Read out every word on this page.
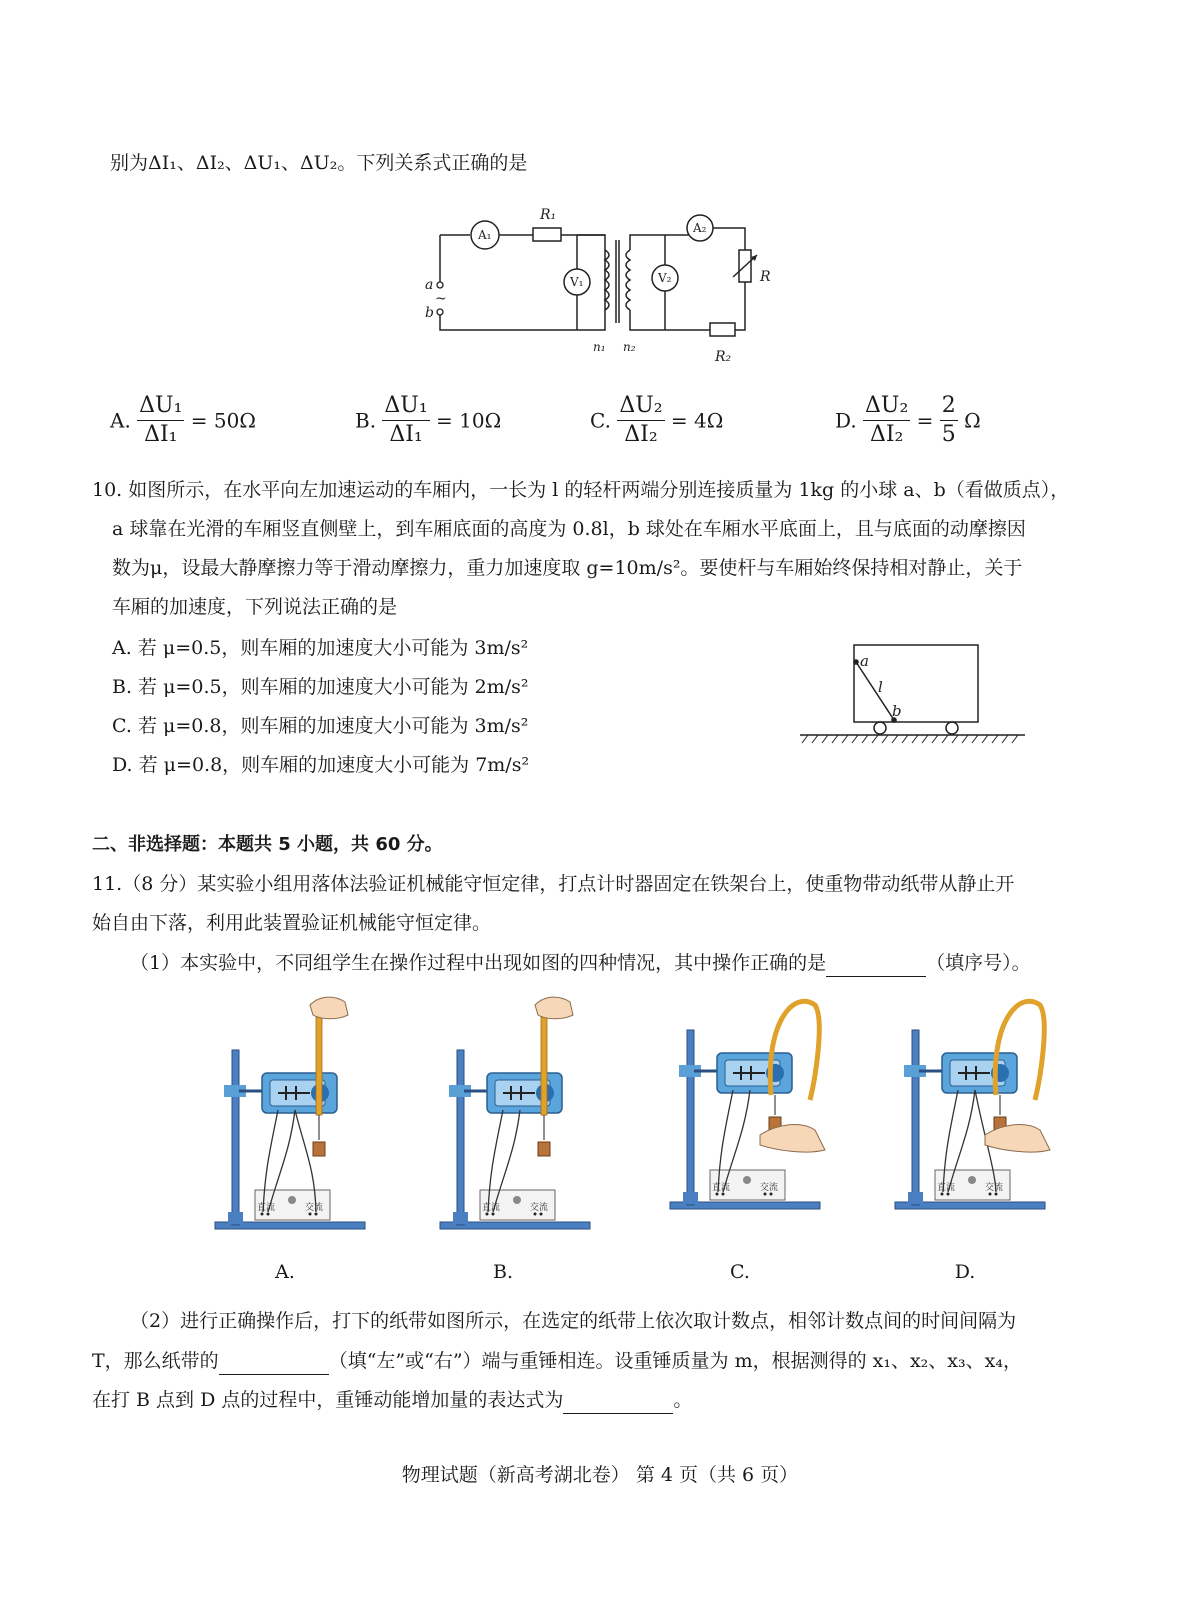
别为ΔI₁、ΔI₂、ΔU₁、ΔU₂。下列关系式正确的是
A₁
V₁	V₂
A₂
R₁
R
R₂
a
b
n₁ n₂
~
A. $\frac{\text{ΔU₁}}{\text{ΔI₁}} = 50\Omega$	B. $\frac{\text{ΔU₁}}{\text{ΔI₁}} = 10\Omega$	C. $\frac{\text{ΔU₂}}{\text{ΔI₂}} = 4\Omega$	D. $\frac{\text{ΔU₂}}{\text{ΔI₂}} = \frac{2}{5}$ Ω
10. 如图所示，在水平向左加速运动的车厢内，一长为 l 的轻杆两端分别连接质量为 1kg 的小球 a、b（看做质点），
a 球靠在光滑的车厢竖直侧壁上，到车厢底面的高度为 0.8l，b 球处在车厢水平底面上，且与底面的动摩擦因
数为μ，设最大静摩擦力等于滑动摩擦力，重力加速度取 g=10m/s²。要使杆与车厢始终保持相对静止，关于
车厢的加速度，下列说法正确的是
A. 若 μ=0.5，则车厢的加速度大小可能为 3m/s²
B. 若 μ=0.5，则车厢的加速度大小可能为 2m/s²
C. 若 μ=0.8，则车厢的加速度大小可能为 3m/s²
D. 若 μ=0.8，则车厢的加速度大小可能为 7m/s²
a
l
b
二、非选择题：本题共 5 小题，共 60 分。
11.（8 分）某实验小组用落体法验证机械能守恒定律，打点计时器固定在铁架台上，使重物带动纸带从静止开
始自由下落，利用此装置验证机械能守恒定律。
（1）本实验中，不同组学生在操作过程中出现如图的四种情况，其中操作正确的是	（填序号）。
直流	交流	直流	交流
直流	交流	直流	交流
A.	B.	C.	D.
（2）进行正确操作后，打下的纸带如图所示，在选定的纸带上依次取计数点，相邻计数点间的时间间隔为
T，那么纸带的	（填“左”或“右”）端与重锤相连。设重锤质量为 m，根据测得的 x₁、x₂、x₃、x₄，
在打 B 点到 D 点的过程中，重锤动能增加量的表达式为	。
物理试题（新高考湖北卷） 第 4 页（共 6 页）
